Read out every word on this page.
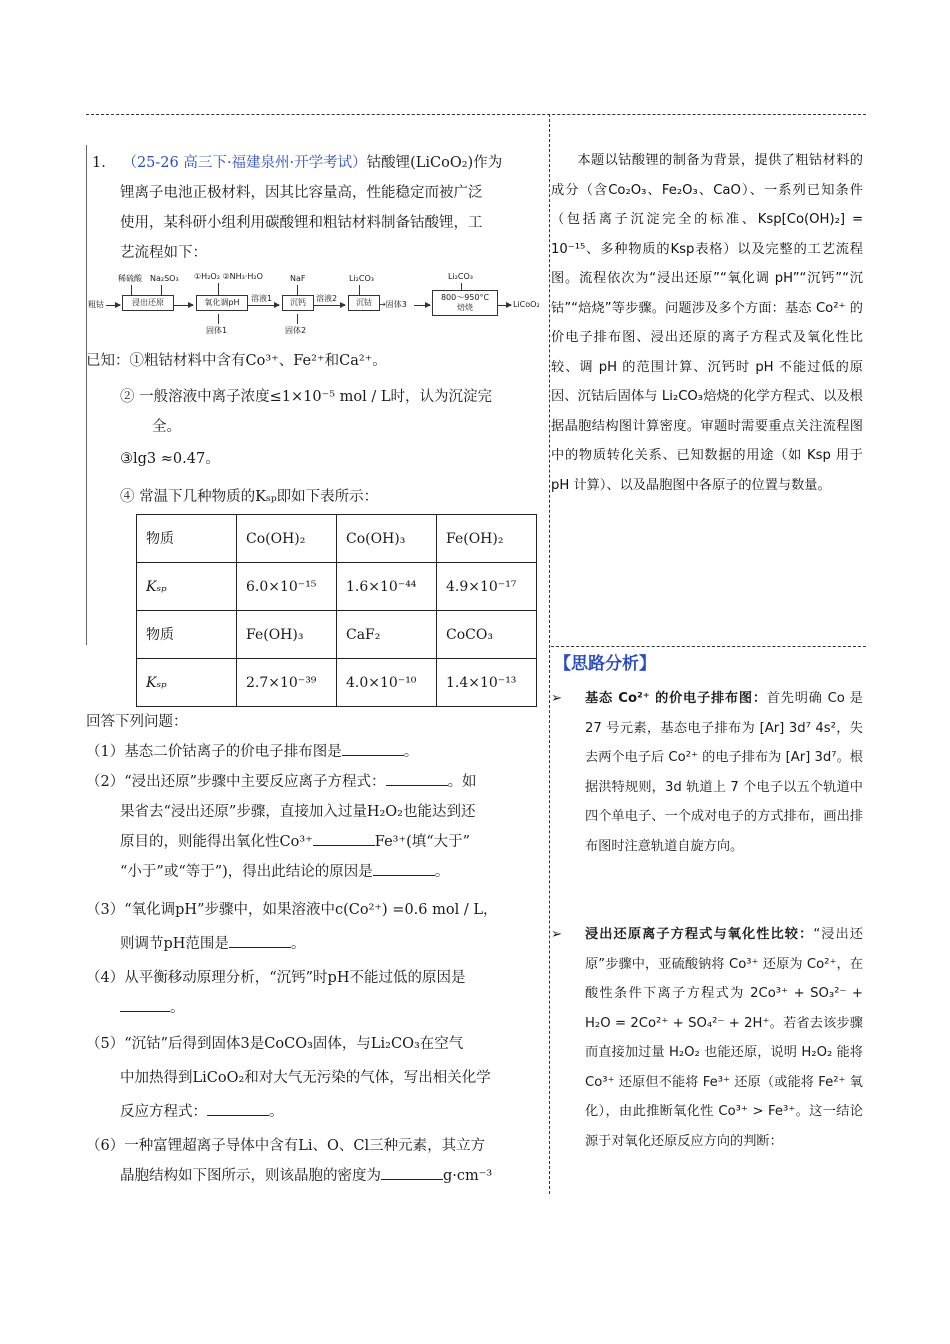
1. （25-26 高三下·福建泉州·开学考试）钴酸锂(LiCoO₂)作为

锂离子电池正极材料，因其比容量高，性能稳定而被广泛

使用，某科研小组利用碳酸锂和粗钴材料制备钴酸锂，工

艺流程如下：

稀硫酸 Na₂SO₃ ①H₂O₂ ②NH₃·H₂O	NaF	Li₂CO₃	Li₂CO₃
粗钴	浸出还原	氧化调pH	溶液1	沉钙	溶液2	沉钴 →固体3
800～950°C
焙烧	LiCoO₂
固体1	固体2

已知：①粗钴材料中含有Co³⁺、Fe²⁺和Ca²⁺。

② 一般溶液中离子浓度≤1×10⁻⁵ mol / L时，认为沉淀完

全。

③lg3 ≈0.47。

④ 常温下几种物质的Kₛₚ即如下表所示：

物质	Co(OH)₂	Co(OH)₃	Fe(OH)₂
Kₛₚ	6.0×10⁻¹⁵	1.6×10⁻⁴⁴	4.9×10⁻¹⁷
物质	Fe(OH)₃	CaF₂	CoCO₃
Kₛₚ	2.7×10⁻³⁹	4.0×10⁻¹⁰	1.4×10⁻¹³

回答下列问题：

（1）基态二价钴离子的价电子排布图是	。

（2）“浸出还原”步骤中主要反应离子方程式：	。如

果省去“浸出还原”步骤，直接加入过量H₂O₂也能达到还

原目的，则能得出氧化性Co³⁺	Fe³⁺(填“大于”

“小于”或“等于”)，得出此结论的原因是	。

（3）“氧化调pH”步骤中，如果溶液中c(Co²⁺) =0.6 mol / L，

则调节pH范围是	。

（4）从平衡移动原理分析，“沉钙”时pH不能过低的原因是

。

（5）“沉钴”后得到固体3是CoCO₃固体，与Li₂CO₃在空气

中加热得到LiCoO₂和对大气无污染的气体，写出相关化学

反应方程式：	。

（6）一种富锂超离子导体中含有Li、O、Cl三种元素，其立方

晶胞结构如下图所示，则该晶胞的密度为	g·cm⁻³

本题以钴酸锂的制备为背景，提供了粗钴材料的成分（含Co₂O₃、Fe₂O₃、CaO）、一系列已知条件（包括离子沉淀完全的标准、Ksp[Co(OH)₂] = 10⁻¹⁵、多种物质的Ksp表格）以及完整的工艺流程图。流程依次为“浸出还原”“氧化调 pH”“沉钙”“沉钴”“焙烧”等步骤。问题涉及多个方面：基态 Co²⁺ 的价电子排布图、浸出还原的离子方程式及氧化性比较、调 pH 的范围计算、沉钙时 pH 不能过低的原因、沉钴后固体与 Li₂CO₃焙烧的化学方程式、以及根据晶胞结构图计算密度。审题时需要重点关注流程图中的物质转化关系、已知数据的用途（如 Ksp 用于 pH 计算）、以及晶胞图中各原子的位置与数量。

【思路分析】
➢	基态 Co²⁺ 的价电子排布图：首先明确 Co 是 27 号元素，基态电子排布为 [Ar] 3d⁷ 4s²，失去两个电子后 Co²⁺ 的电子排布为 [Ar] 3d⁷。根据洪特规则，3d 轨道上 7 个电子以五个轨道中四个单电子、一个成对电子的方式排布，画出排布图时注意轨道自旋方向。

➢	浸出还原离子方程式与氧化性比较：“浸出还原”步骤中，亚硫酸钠将 Co³⁺ 还原为 Co²⁺，在酸性条件下离子方程式为 2Co³⁺ + SO₃²⁻ + H₂O = 2Co²⁺ + SO₄²⁻ + 2H⁺。若省去该步骤而直接加过量 H₂O₂ 也能还原，说明 H₂O₂ 能将 Co³⁺ 还原但不能将 Fe³⁺ 还原（或能将 Fe²⁺ 氧化），由此推断氧化性 Co³⁺ > Fe³⁺。这一结论源于对氧化还原反应方向的判断：
